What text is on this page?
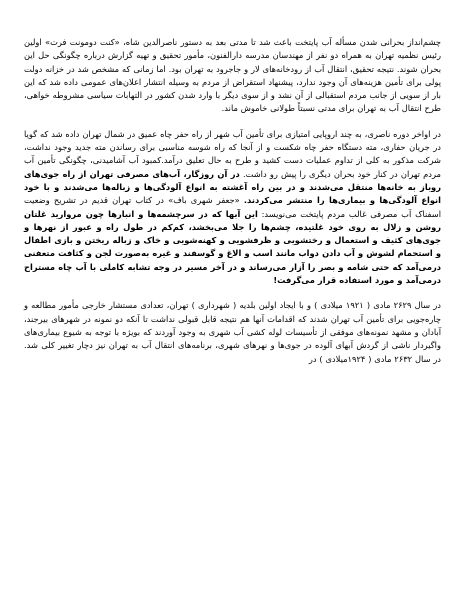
چشم‌انداز بحرانی شدن مسأله آب پایتخت باعث شد تا مدتی بعد به دستور ناصرالدین شاه، «کنت دومونت فرت» اولین رئیس نظمیه تهران به همراه دو نفر از مهندسان مدرسه دارالفنون، مأمور تحقیق و تهیه گزارش درباره چگونگی حل این بحران شوند. نتیجه تحقیق، انتقال آب از رودخانه‌های لار و جاجرود به تهران بود. اما زمانی که مشخص شد در خزانه دولت پولی برای تأمین هزینه‌های آن وجود ندارد، پیشنهاد استقراض از مردم به وسیله انتشار اعلان‌های عمومی داده شد که این بار از سویی از جانب مردم استقبالی از آن نشد و از سوی دیگر با وارد شدن کشور در التهابات سیاسی مشروطه خواهی، طرح انتقال آب به تهران برای مدتی نسبتاً طولانی خاموش ماند.

در اواخر دوره ناصری، به چند اروپایی امتیازی برای تأمین آب شهر از راه حفر چاه عمیق در شمال تهران داده شد که گویا در جریان حفاری، مته دستگاه حفر چاه شکست و از آنجا که راه شوسه مناسبی برای رساندن مته جدید وجود نداشت، شرکت مذکور به کلی از تداوم عملیات دست کشید و طرح به حال تعلیق درآمد.کمبود آب آشامیدنی، چگونگی تأمین آب مردم تهران در کنار خود بحران دیگری را پیش رو داشت. در آن روزگار، آب‌های مصرفی تهران از راه جوی‌های روباز به خانه‌ها منتقل می‌شدند و در بین راه آغشته به انواع آلودگی‌ها و زباله‌ها می‌شدند و با خود انواع آلودگی‌ها و بیماری‌ها را منتشر می‌کردند. «جعفر شهری باف» در کتاب تهران قدیم در تشریح وضعیت اسفناک آب مصرفی غالب مردم پایتخت می‌نویسد: این آبها که در سرچشمه‌ها و انبارها چون مروارید غلتان روشن و زلال به روی خود غلتیده، چشم‌ها را جلا می‌بخشد، کم‌کم در طول راه و عبور از نهرها و جوی‌های کثیف و استعمال و رختشویی و ظرفشویی و کهنه‌شویی و خاک و زباله ریختن و بازی اطفال و استحمام لشوش و آب دادن دواب مانند اسب و الاغ و گوسفند و غیره به‌صورت لجن و کثافت متعفنی درمی‌آمد که حتی شامه و بصر را آزار می‌رساند و در آخر مسیر در وجه تشابه کاملی با آب چاه مستراح درمی‌آمد و مورد استفاده قرار می‌گرفت!

در سال ۲۶۲۹ مادی ( ۱۹۲۱ میلادی ) و با ایجاد اولین بلدیه ( شهرداری ) تهران، تعدادی مستشار خارجی مأمور مطالعه و چاره‌جویی برای تأمین آب تهران شدند که اقدامات آنها هم نتیجه قابل قبولی نداشت تا آنکه دو نمونه در شهرهای بیرجند، آبادان و مشهد نمونه‌های موفقی از تأسیسات لوله کشی آب شهری به وجود آوردند که بویژه با توجه به شیوع بیماری‌های واگیردار ناشی از گردش آبهای آلوده در جوی‌ها و نهرهای شهری، برنامه‌های انتقال آب به تهران نیز دچار تغییر کلی شد. در سال ۲۶۳۲ مادی ( ۱۹۲۴میلادی ) در
